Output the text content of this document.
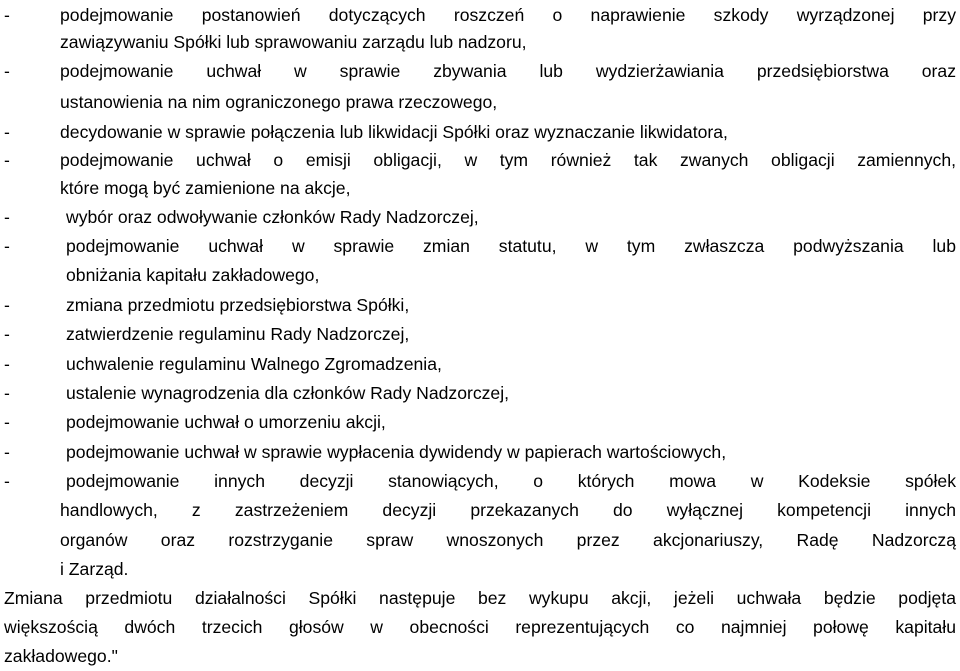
-	podejmowanie postanowień dotyczących roszczeń o naprawienie szkody wyrządzonej przy
zawiązywaniu Spółki lub sprawowaniu zarządu lub nadzoru,
-	podejmowanie uchwał w sprawie zbywania lub wydzierżawiania przedsiębiorstwa oraz
ustanowienia na nim ograniczonego prawa rzeczowego,
-	decydowanie w sprawie połączenia lub likwidacji Spółki oraz wyznaczanie likwidatora,
-	podejmowanie uchwał o emisji obligacji, w tym również tak zwanych obligacji zamiennych,
które mogą być zamienione na akcje,
-	wybór oraz odwoływanie członków Rady Nadzorczej,
-	podejmowanie uchwał w sprawie zmian statutu, w tym zwłaszcza podwyższania lub
obniżania kapitału zakładowego,
-	zmiana przedmiotu przedsiębiorstwa Spółki,
-	zatwierdzenie regulaminu Rady Nadzorczej,
-	uchwalenie regulaminu Walnego Zgromadzenia,
-	ustalenie wynagrodzenia dla członków Rady Nadzorczej,
-	podejmowanie uchwał o umorzeniu akcji,
-	podejmowanie uchwał w sprawie wypłacenia dywidendy w papierach wartościowych,
-	podejmowanie innych decyzji stanowiących, o których mowa w Kodeksie spółek
handlowych, z zastrzeżeniem decyzji przekazanych do wyłącznej kompetencji innych
organów oraz rozstrzyganie spraw wnoszonych przez akcjonariuszy, Radę Nadzorczą
i Zarząd.
Zmiana przedmiotu działalności Spółki następuje bez wykupu akcji, jeżeli uchwała będzie podjęta
większością dwóch trzecich głosów w obecności reprezentujących co najmniej połowę kapitału
zakładowego."
